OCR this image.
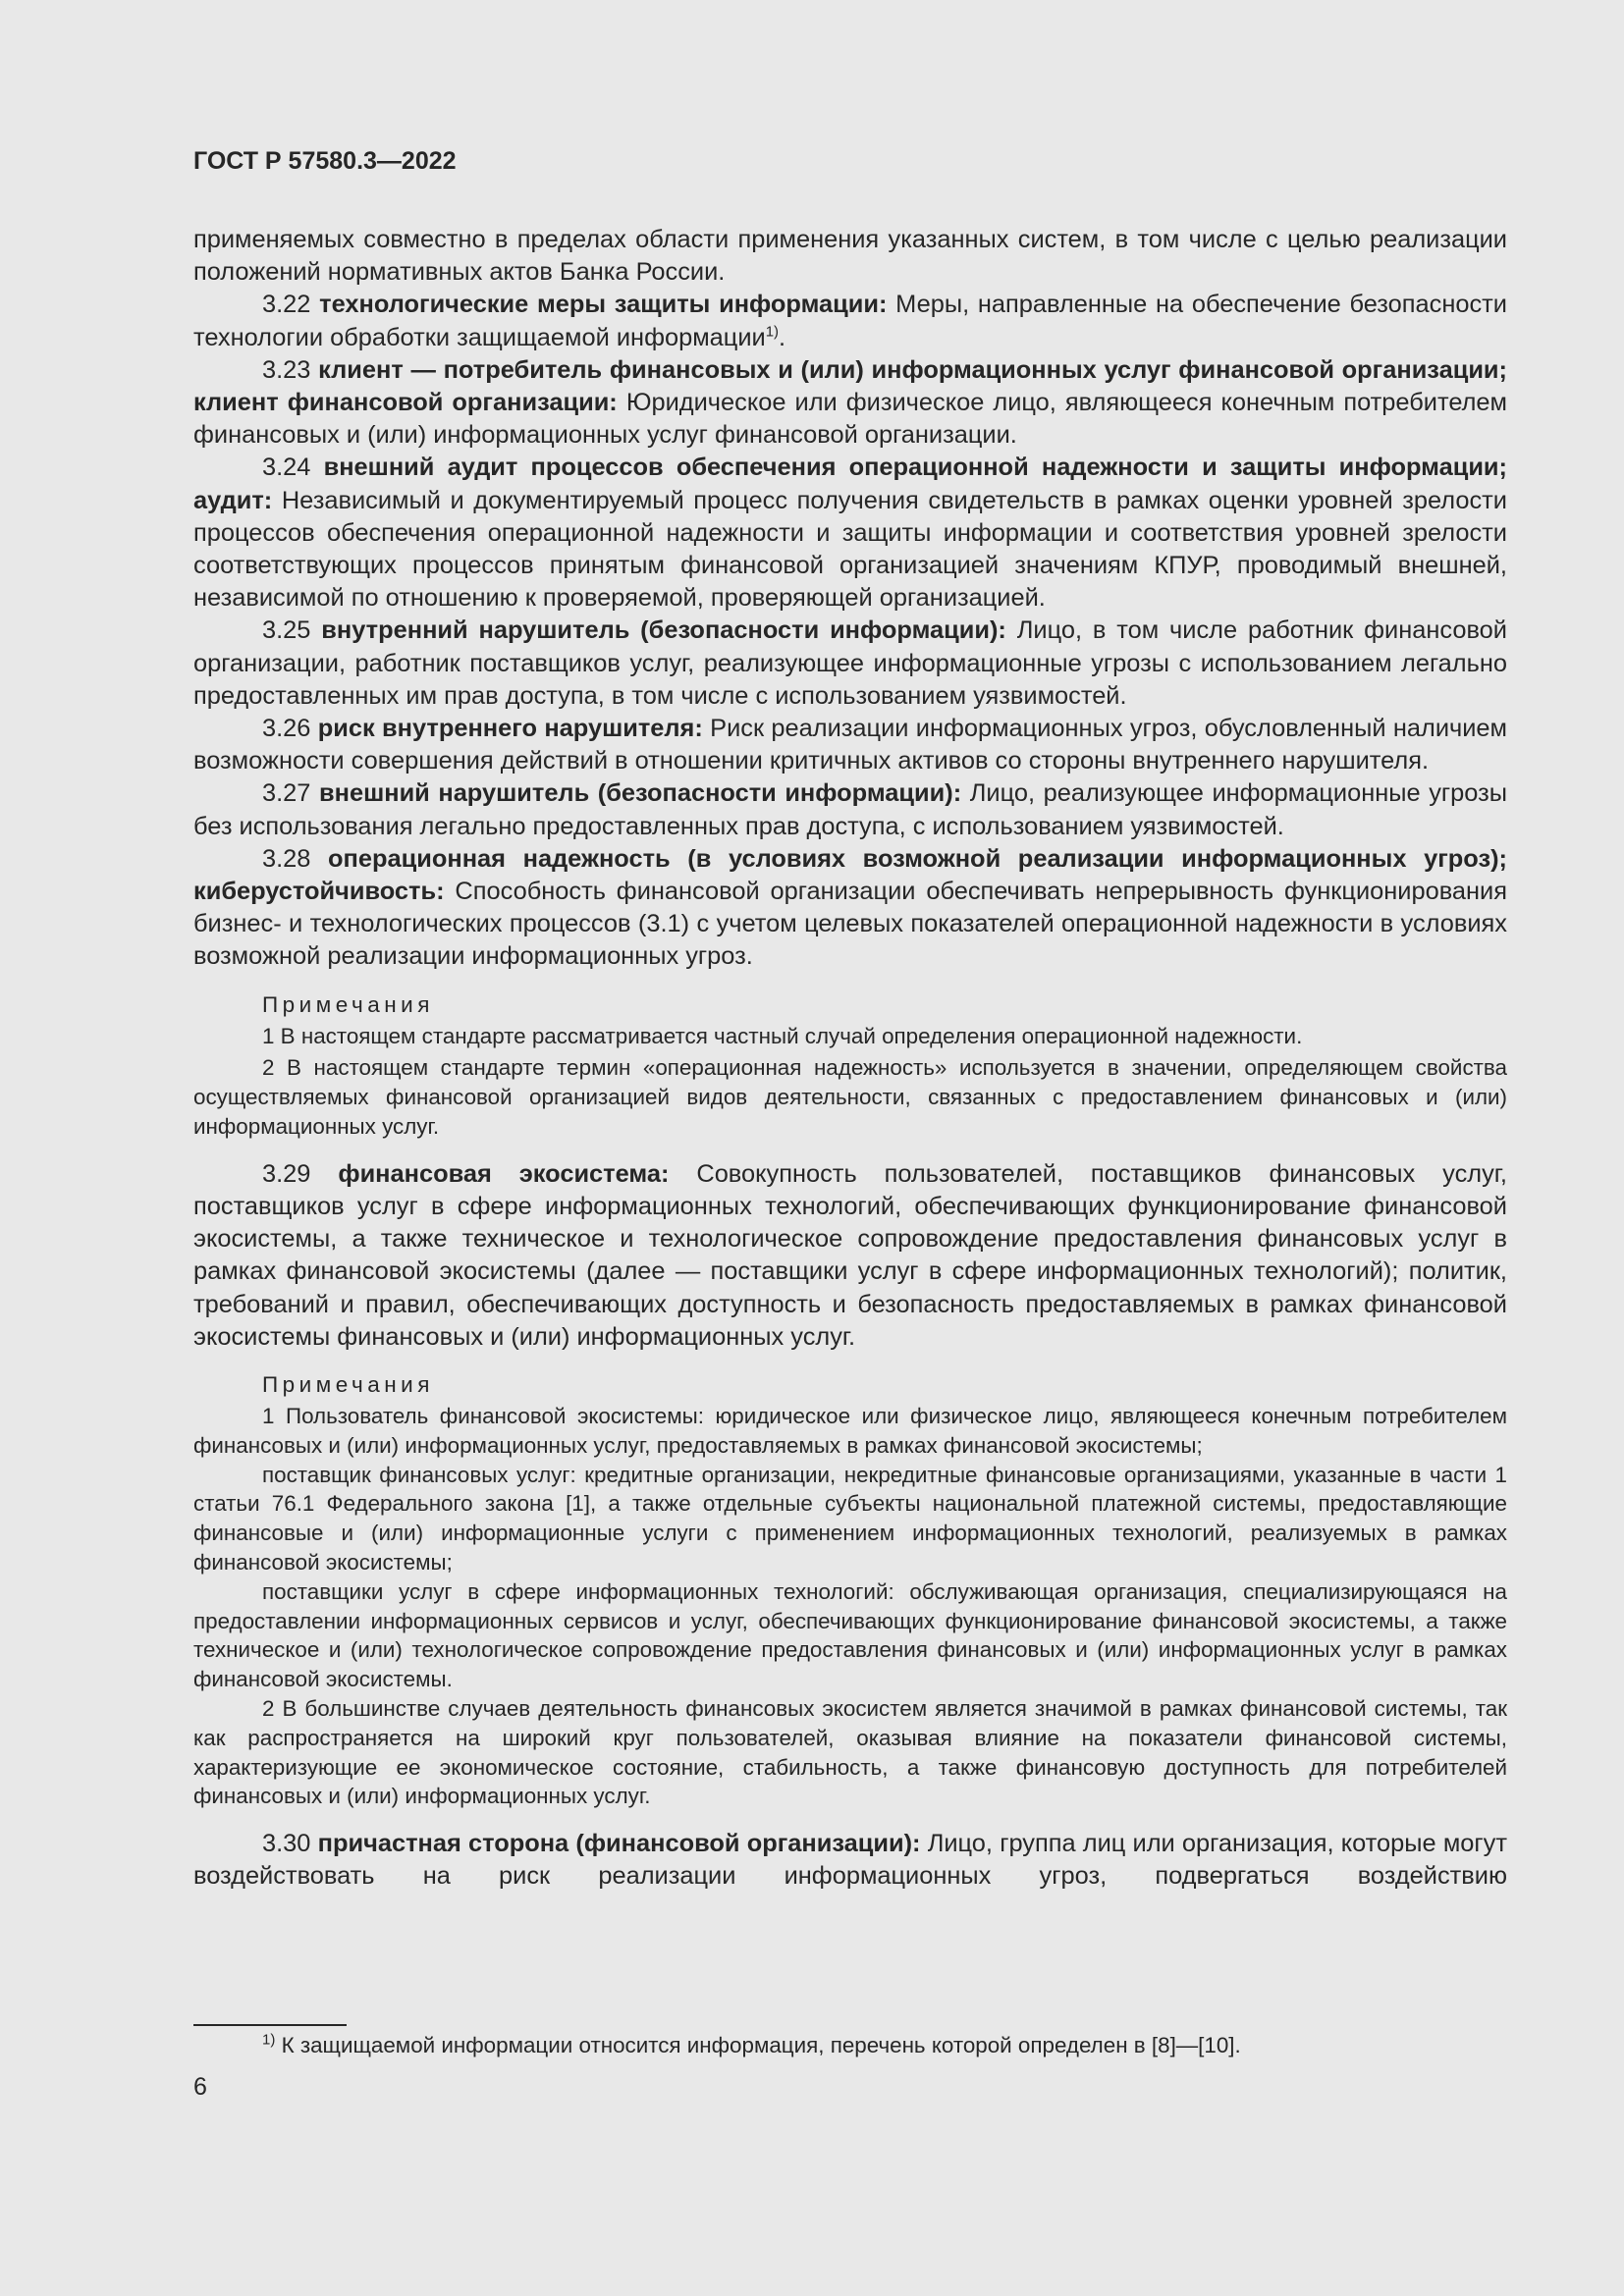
ГОСТ Р 57580.3—2022

применяемых совместно в пределах области применения указанных систем, в том числе с целью реализации положений нормативных актов Банка России.

3.22 технологические меры защиты информации: Меры, направленные на обеспечение безопасности технологии обработки защищаемой информации$^{1)}$.

3.23 клиент — потребитель финансовых и (или) информационных услуг финансовой организации; клиент финансовой организации: Юридическое или физическое лицо, являющееся конечным потребителем финансовых и (или) информационных услуг финансовой организации.

3.24 внешний аудит процессов обеспечения операционной надежности и защиты информации; аудит: Независимый и документируемый процесс получения свидетельств в рамках оценки уровней зрелости процессов обеспечения операционной надежности и защиты информации и соответствия уровней зрелости соответствующих процессов принятым финансовой организацией значениям КПУР, проводимый внешней, независимой по отношению к проверяемой, проверяющей организацией.

3.25 внутренний нарушитель (безопасности информации): Лицо, в том числе работник финансовой организации, работник поставщиков услуг, реализующее информационные угрозы с использованием легально предоставленных им прав доступа, в том числе с использованием уязвимостей.

3.26 риск внутреннего нарушителя: Риск реализации информационных угроз, обусловленный наличием возможности совершения действий в отношении критичных активов со стороны внутреннего нарушителя.

3.27 внешний нарушитель (безопасности информации): Лицо, реализующее информационные угрозы без использования легально предоставленных прав доступа, с использованием уязвимостей.

3.28 операционная надежность (в условиях возможной реализации информационных угроз); киберустойчивость: Способность финансовой организации обеспечивать непрерывность функционирования бизнес- и технологических процессов (3.1) с учетом целевых показателей операционной надежности в условиях возможной реализации информационных угроз.

Примечания

1 В настоящем стандарте рассматривается частный случай определения операционной надежности.

2 В настоящем стандарте термин «операционная надежность» используется в значении, определяющем свойства осуществляемых финансовой организацией видов деятельности, связанных с предоставлением финансовых и (или) информационных услуг.

3.29 финансовая экосистема: Совокупность пользователей, поставщиков финансовых услуг, поставщиков услуг в сфере информационных технологий, обеспечивающих функционирование финансовой экосистемы, а также техническое и технологическое сопровождение предоставления финансовых услуг в рамках финансовой экосистемы (далее — поставщики услуг в сфере информационных технологий); политик, требований и правил, обеспечивающих доступность и безопасность предоставляемых в рамках финансовой экосистемы финансовых и (или) информационных услуг.

Примечания

1 Пользователь финансовой экосистемы: юридическое или физическое лицо, являющееся конечным потребителем финансовых и (или) информационных услуг, предоставляемых в рамках финансовой экосистемы;

поставщик финансовых услуг: кредитные организации, некредитные финансовые организациями, указанные в части 1 статьи 76.1 Федерального закона [1], а также отдельные субъекты национальной платежной системы, предоставляющие финансовые и (или) информационные услуги с применением информационных технологий, реализуемых в рамках финансовой экосистемы;

поставщики услуг в сфере информационных технологий: обслуживающая организация, специализирующаяся на предоставлении информационных сервисов и услуг, обеспечивающих функционирование финансовой экосистемы, а также техническое и (или) технологическое сопровождение предоставления финансовых и (или) информационных услуг в рамках финансовой экосистемы.

2 В большинстве случаев деятельность финансовых экосистем является значимой в рамках финансовой системы, так как распространяется на широкий круг пользователей, оказывая влияние на показатели финансовой системы, характеризующие ее экономическое состояние, стабильность, а также финансовую доступность для потребителей финансовых и (или) информационных услуг.

3.30 причастная сторона (финансовой организации): Лицо, группа лиц или организация, которые могут воздействовать на риск реализации информационных угроз, подвергаться воздействию

$^{1)}$ К защищаемой информации относится информация, перечень которой определен в [8]—[10].
6
